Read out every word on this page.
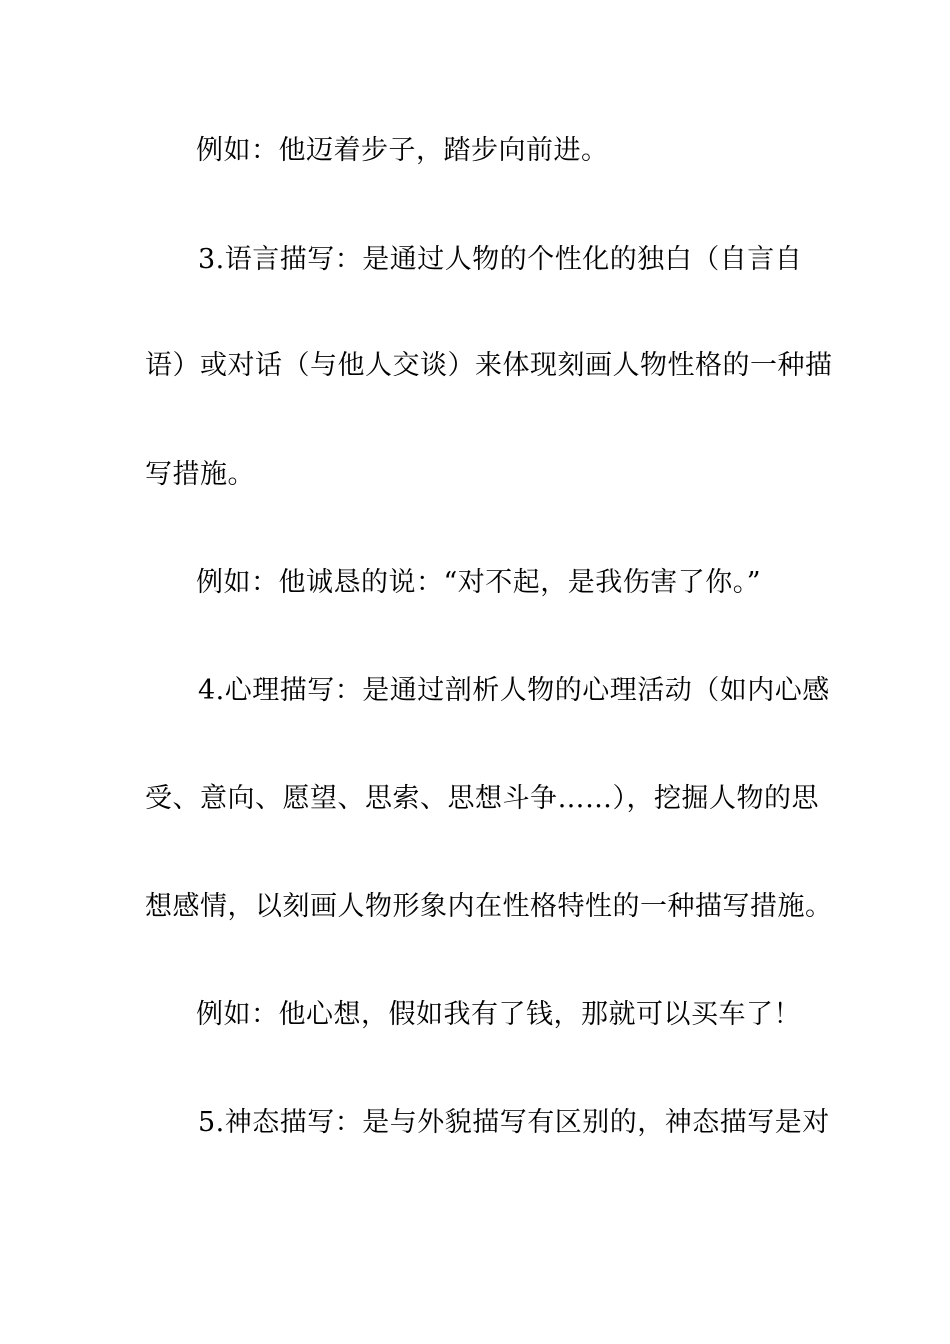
例如：他迈着步子，踏步向前进。
3.语言描写：是通过人物的个性化的独白（自言自
语）或对话（与他人交谈）来体现刻画人物性格的一种描
写措施。
例如：他诚恳的说：“对不起，是我伤害了你。”
4.心理描写：是通过剖析人物的心理活动（如内心感
受、意向、愿望、思索、思想斗争……），挖掘人物的思
想感情，以刻画人物形象内在性格特性的一种描写措施。
例如：他心想，假如我有了钱，那就可以买车了！
5.神态描写：是与外貌描写有区别的，神态描写是对
